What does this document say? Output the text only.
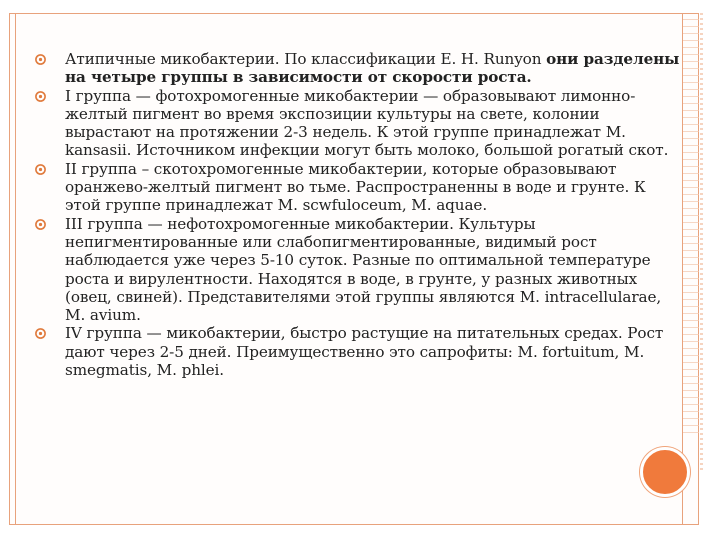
Атипичные микобактерии. По классификации Е. Н. Runyon они разделены на четыре группы в зависимости от скорости роста.
I группа — фотохромогенные микобактерии — образовывают лимонно-желтый пигмент во время экспозиции культуры на свете, колонии вырастают на протяжении 2-3 недель. К этой группе принадлежат M. kansasii. Источником инфекции могут быть молоко, большой рогатый скот.
II группа – скотохромогенные микобактерии, которые образовывают оранжево-желтый пигмент во тьме. Распространенны в воде и грунте. К этой группе принадлежат M. scwfuloceum, M. aquae.
III группа — нефотохромогенные микобактерии. Культуры непигментированные или слабопигментированные, видимый рост наблюдается уже через 5-10 суток. Разные по оптимальной температуре роста и вирулентности. Находятся в воде, в грунте, у разных животных (овец, свиней). Представителями этой группы являются M. intracellularae, M. avium.
IV группа — микобактерии, быстро растущие на питательных средах. Рост дают через 2-5 дней. Преимущественно это сапрофиты: M. fortuitum, M. smegmatis, M. phlei.
